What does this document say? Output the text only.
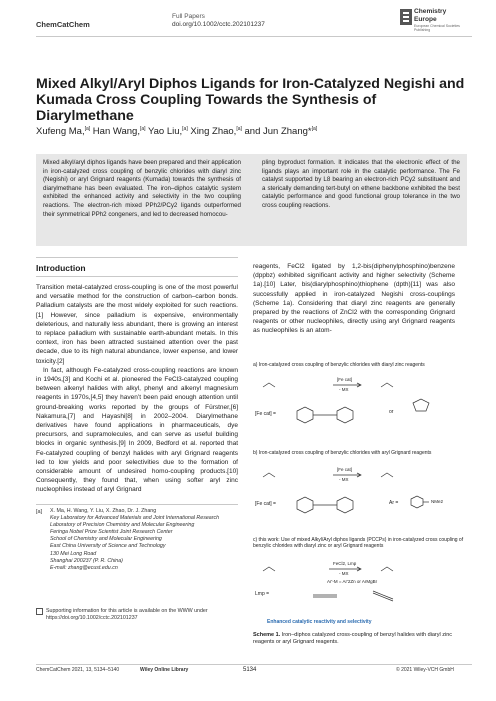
ChemCatChem
Full Papers
doi.org/10.1002/cctc.202101237
Chemistry
Europe
European Chemical Societies Publishing
Mixed Alkyl/Aryl Diphos Ligands for Iron-Catalyzed Negishi and Kumada Cross Coupling Towards the Synthesis of Diarylmethane
Xufeng Ma,[a] Han Wang,[a] Yao Liu,[a] Xing Zhao,[a] and Jun Zhang*[a]

Mixed alkyl/aryl diphos ligands have been prepared and their application in iron-catalyzed cross coupling of benzylic chlorides with diaryl zinc (Negishi) or aryl Grignard reagents (Kumada) towards the synthesis of diarylmethane has been evaluated. The iron–diphos catalytic system exhibited the enhanced activity and selectivity in the two coupling reactions. The electron-rich mixed PPh2/PCy2 ligands outperformed their symmetrical PPh2 congeners, and led to decreased homocou-

pling byproduct formation. It indicates that the electronic effect of the ligands plays an important role in the catalytic performance. The Fe catalyst supported by L8 bearing an electron-rich PCy2 substituent and a sterically demanding tert-butyl on ethene backbone exhibited the best catalytic performance and good functional group tolerance in the two cross coupling reactions.

Introduction

Transition metal-catalyzed cross-coupling is one of the most powerful and versatile method for the construction of carbon–carbon bonds. Palladium catalysts are the most widely exploited for such reactions.[1] However, since palladium is expensive, environmentally deleterious, and naturally less abundant, there is growing an interest to replace palladium with sustainable earth-abundant metals. In this context, iron has been attracted sustained attention over the past decade, due to its high natural abundance, lower expense, and lower toxicity.[2]

In fact, although Fe-catalyzed cross-coupling reactions are known in 1940s,[3] and Kochi et al. pioneered the FeCl3-catalyzed coupling between alkenyl halides with alkyl, phenyl and alkenyl magnesium reagents in 1970s,[4,5] they haven’t been paid enough attention until ground-breaking works reported by the groups of Fürstner,[6] Nakamura,[7] and Hayashi[8] in 2002–2004. Diarylmethane derivatives have found applications in pharmaceuticals, dye precursors, and supramolecules, and can serve as useful building blocks in organic synthesis.[9] In 2009, Bedford et al. reported that Fe-catalyzed coupling of benzyl halides with aryl Grignard reagents led to low yields and poor selectivities due to the formation of considerable amount of undesired homo-coupling products.[10] Consequently, they found that, when using softer aryl zinc nucleophiles instead of aryl Grignard

reagents, FeCl2 ligated by 1,2-bis(diphenylphosphino)benzene (dppbz) exhibited significant activity and higher selectivity (Scheme 1a).[10] Later, bis(diarylphosphino)thiophene (dpth)[11] was also successfully applied in iron-catalyzed Negishi cross-couplings (Scheme 1a). Considering that diaryl zinc reagents are generally prepared by the reactions of ZnCl2 with the corresponding Grignard reagents or other nucleophiles, directly using aryl Grignard reagents as nucleophiles is an atom-

[a] X. Ma, H. Wang, Y. Liu, X. Zhao, Dr. J. Zhang
Key Laboratory for Advanced Materials and Joint International Research
Laboratory of Precision Chemistry and Molecular Engineering
Feringa Nobel Prize Scientist Joint Research Center
School of Chemistry and Molecular Engineering
East China University of Science and Technology
130 Mei Long Road
Shanghai 200237 (P. R. China)
E-mail: zhang@ecust.edu.cn
Supporting information for this article is available on the WWW under https://doi.org/10.1002/cctc.202101237
a) Iron-catalyzed cross coupling of benzylic chlorides with diaryl zinc reagents
[Fe cat]
- MX
[Fe cat] =	or
b) Iron-catalyzed cross coupling of benzylic chlorides with aryl Grignard reagents
[Fe cat]
- MX
[Fe cat] =	Ar =	NMe2
c) this work: Use of mixed Alkyl/Aryl diphos ligands (PCCPs) in iron-catalyzed cross coupling of benzylic chlorides with diaryl zinc or aryl Grignard reagents
FeCl2, Lmp
- MX
Ar'-M = Ar'2Zn or ArMgBr
Lmp =
Enhanced catalytic reactivity and selectivity
Scheme 1. Iron–diphos catalyzed cross-coupling of benzyl halides with diaryl zinc reagents or aryl Grignard reagents.
ChemCatChem 2021, 13, 5134–5140	Wiley Online Library	5134	© 2021 Wiley-VCH GmbH
